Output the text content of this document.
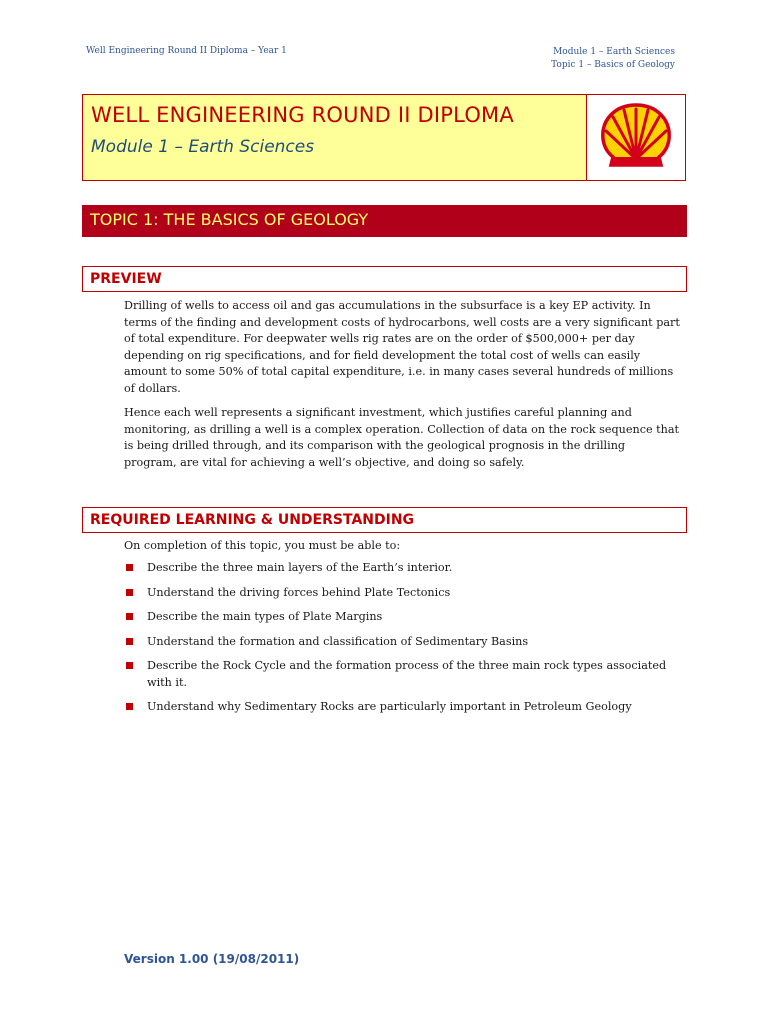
Well Engineering Round II Diploma – Year 1	Module 1 – Earth Sciences
Topic 1 – Basics of Geology
WELL ENGINEERING ROUND II DIPLOMA
Module 1 – Earth Sciences
TOPIC 1: THE BASICS OF GEOLOGY
PREVIEW

Drilling of wells to access oil and gas accumulations in the subsurface is a key EP activity. In terms of the finding and development costs of hydrocarbons, well costs are a very significant part of total expenditure. For deepwater wells rig rates are on the order of $500,000+ per day depending on rig specifications, and for field development the total cost of wells can easily amount to some 50% of total capital expenditure, i.e. in many cases several hundreds of millions of dollars.

Hence each well represents a significant investment, which justifies careful planning and monitoring, as drilling a well is a complex operation. Collection of data on the rock sequence that is being drilled through, and its comparison with the geological prognosis in the drilling program, are vital for achieving a well’s objective, and doing so safely.

REQUIRED LEARNING & UNDERSTANDING
On completion of this topic, you must be able to:
Describe the three main layers of the Earth’s interior.
Understand the driving forces behind Plate Tectonics
Describe the main types of Plate Margins
Understand the formation and classification of Sedimentary Basins
Describe the Rock Cycle and the formation process of the three main rock types associated with it.
Understand why Sedimentary Rocks are particularly important in Petroleum Geology
Version 1.00 (19/08/2011)
